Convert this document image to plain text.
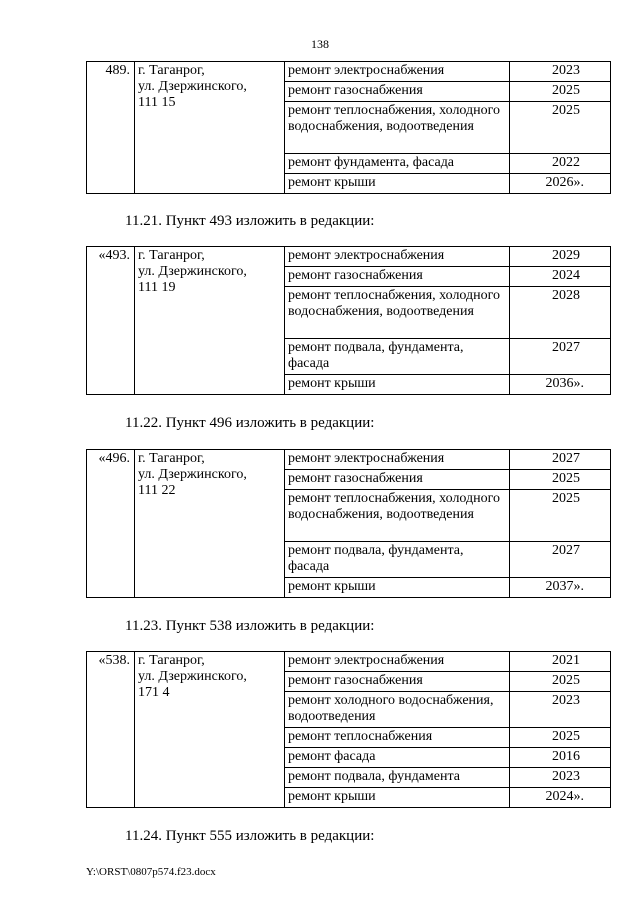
138
489.	г. Таганрог,
ул. Дзержинского,
111 15	ремонт электроснабжения	2023
		ремонт газоснабжения	2025
		ремонт теплоснабжения, холодного водоснабжения, водоотведения	2025
		ремонт фундамента, фасада	2022
		ремонт крыши	2026».
11.21. Пункт 493 изложить в редакции:
«493.	г. Таганрог,
ул. Дзержинского,
111 19	ремонт электроснабжения	2029
		ремонт газоснабжения	2024
		ремонт теплоснабжения, холодного водоснабжения, водоотведения	2028
		ремонт подвала, фундамента, фасада	2027
		ремонт крыши	2036».
11.22. Пункт 496 изложить в редакции:
«496.	г. Таганрог,
ул. Дзержинского,
111 22	ремонт электроснабжения	2027
		ремонт газоснабжения	2025
		ремонт теплоснабжения, холодного водоснабжения, водоотведения	2025
		ремонт подвала, фундамента, фасада	2027
		ремонт крыши	2037».
11.23. Пункт 538 изложить в редакции:
«538.	г. Таганрог,
ул. Дзержинского,
171 4	ремонт электроснабжения	2021
		ремонт газоснабжения	2025
		ремонт холодного водоснабжения, водоотведения	2023
		ремонт теплоснабжения	2025
		ремонт фасада	2016
		ремонт подвала, фундамента	2023
		ремонт крыши	2024».
11.24. Пункт 555 изложить в редакции:
Y:\ORST\0807p574.f23.docx
